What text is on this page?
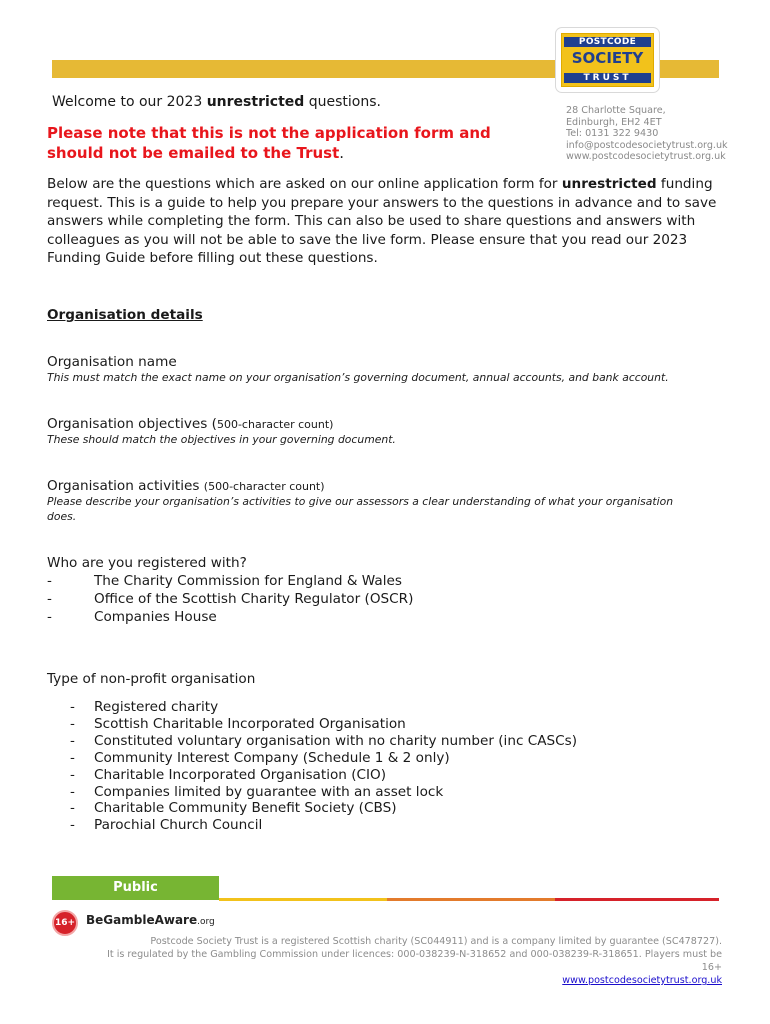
POSTCODE
SOCIETY
TRUST
28 Charlotte Square,
Edinburgh, EH2 4ET
Tel: 0131 322 9430
info@postcodesocietytrust.org.uk
www.postcodesocietytrust.org.uk
Welcome to our 2023 unrestricted questions.
Please note that this is not the application form and should not be emailed to the Trust.
Below are the questions which are asked on our online application form for unrestricted funding request. This is a guide to help you prepare your answers to the questions in advance and to save answers while completing the form. This can also be used to share questions and answers with colleagues as you will not be able to save the live form. Please ensure that you read our 2023 Funding Guide before filling out these questions.
Organisation details
Organisation name
This must match the exact name on your organisation’s governing document, annual accounts, and bank account.
Organisation objectives (500-character count)
These should match the objectives in your governing document.
Organisation activities (500-character count)
Please describe your organisation’s activities to give our assessors a clear understanding of what your organisation does.
Who are you registered with?
-	The Charity Commission for England & Wales
-	Office of the Scottish Charity Regulator (OSCR)
-	Companies House
Type of non-profit organisation
-	Registered charity
-	Scottish Charitable Incorporated Organisation
-	Constituted voluntary organisation with no charity number (inc CASCs)
-	Community Interest Company (Schedule 1 & 2 only)
-	Charitable Incorporated Organisation (CIO)
-	Companies limited by guarantee with an asset lock
-	Charitable Community Benefit Society (CBS)
-	Parochial Church Council
Public
16+ BeGambleAware.org
Postcode Society Trust is a registered Scottish charity (SC044911) and is a company limited by guarantee (SC478727).
It is regulated by the Gambling Commission under licences: 000-038239-N-318652 and 000-038239-R-318651. Players must be
16+
www.postcodesocietytrust.org.uk
